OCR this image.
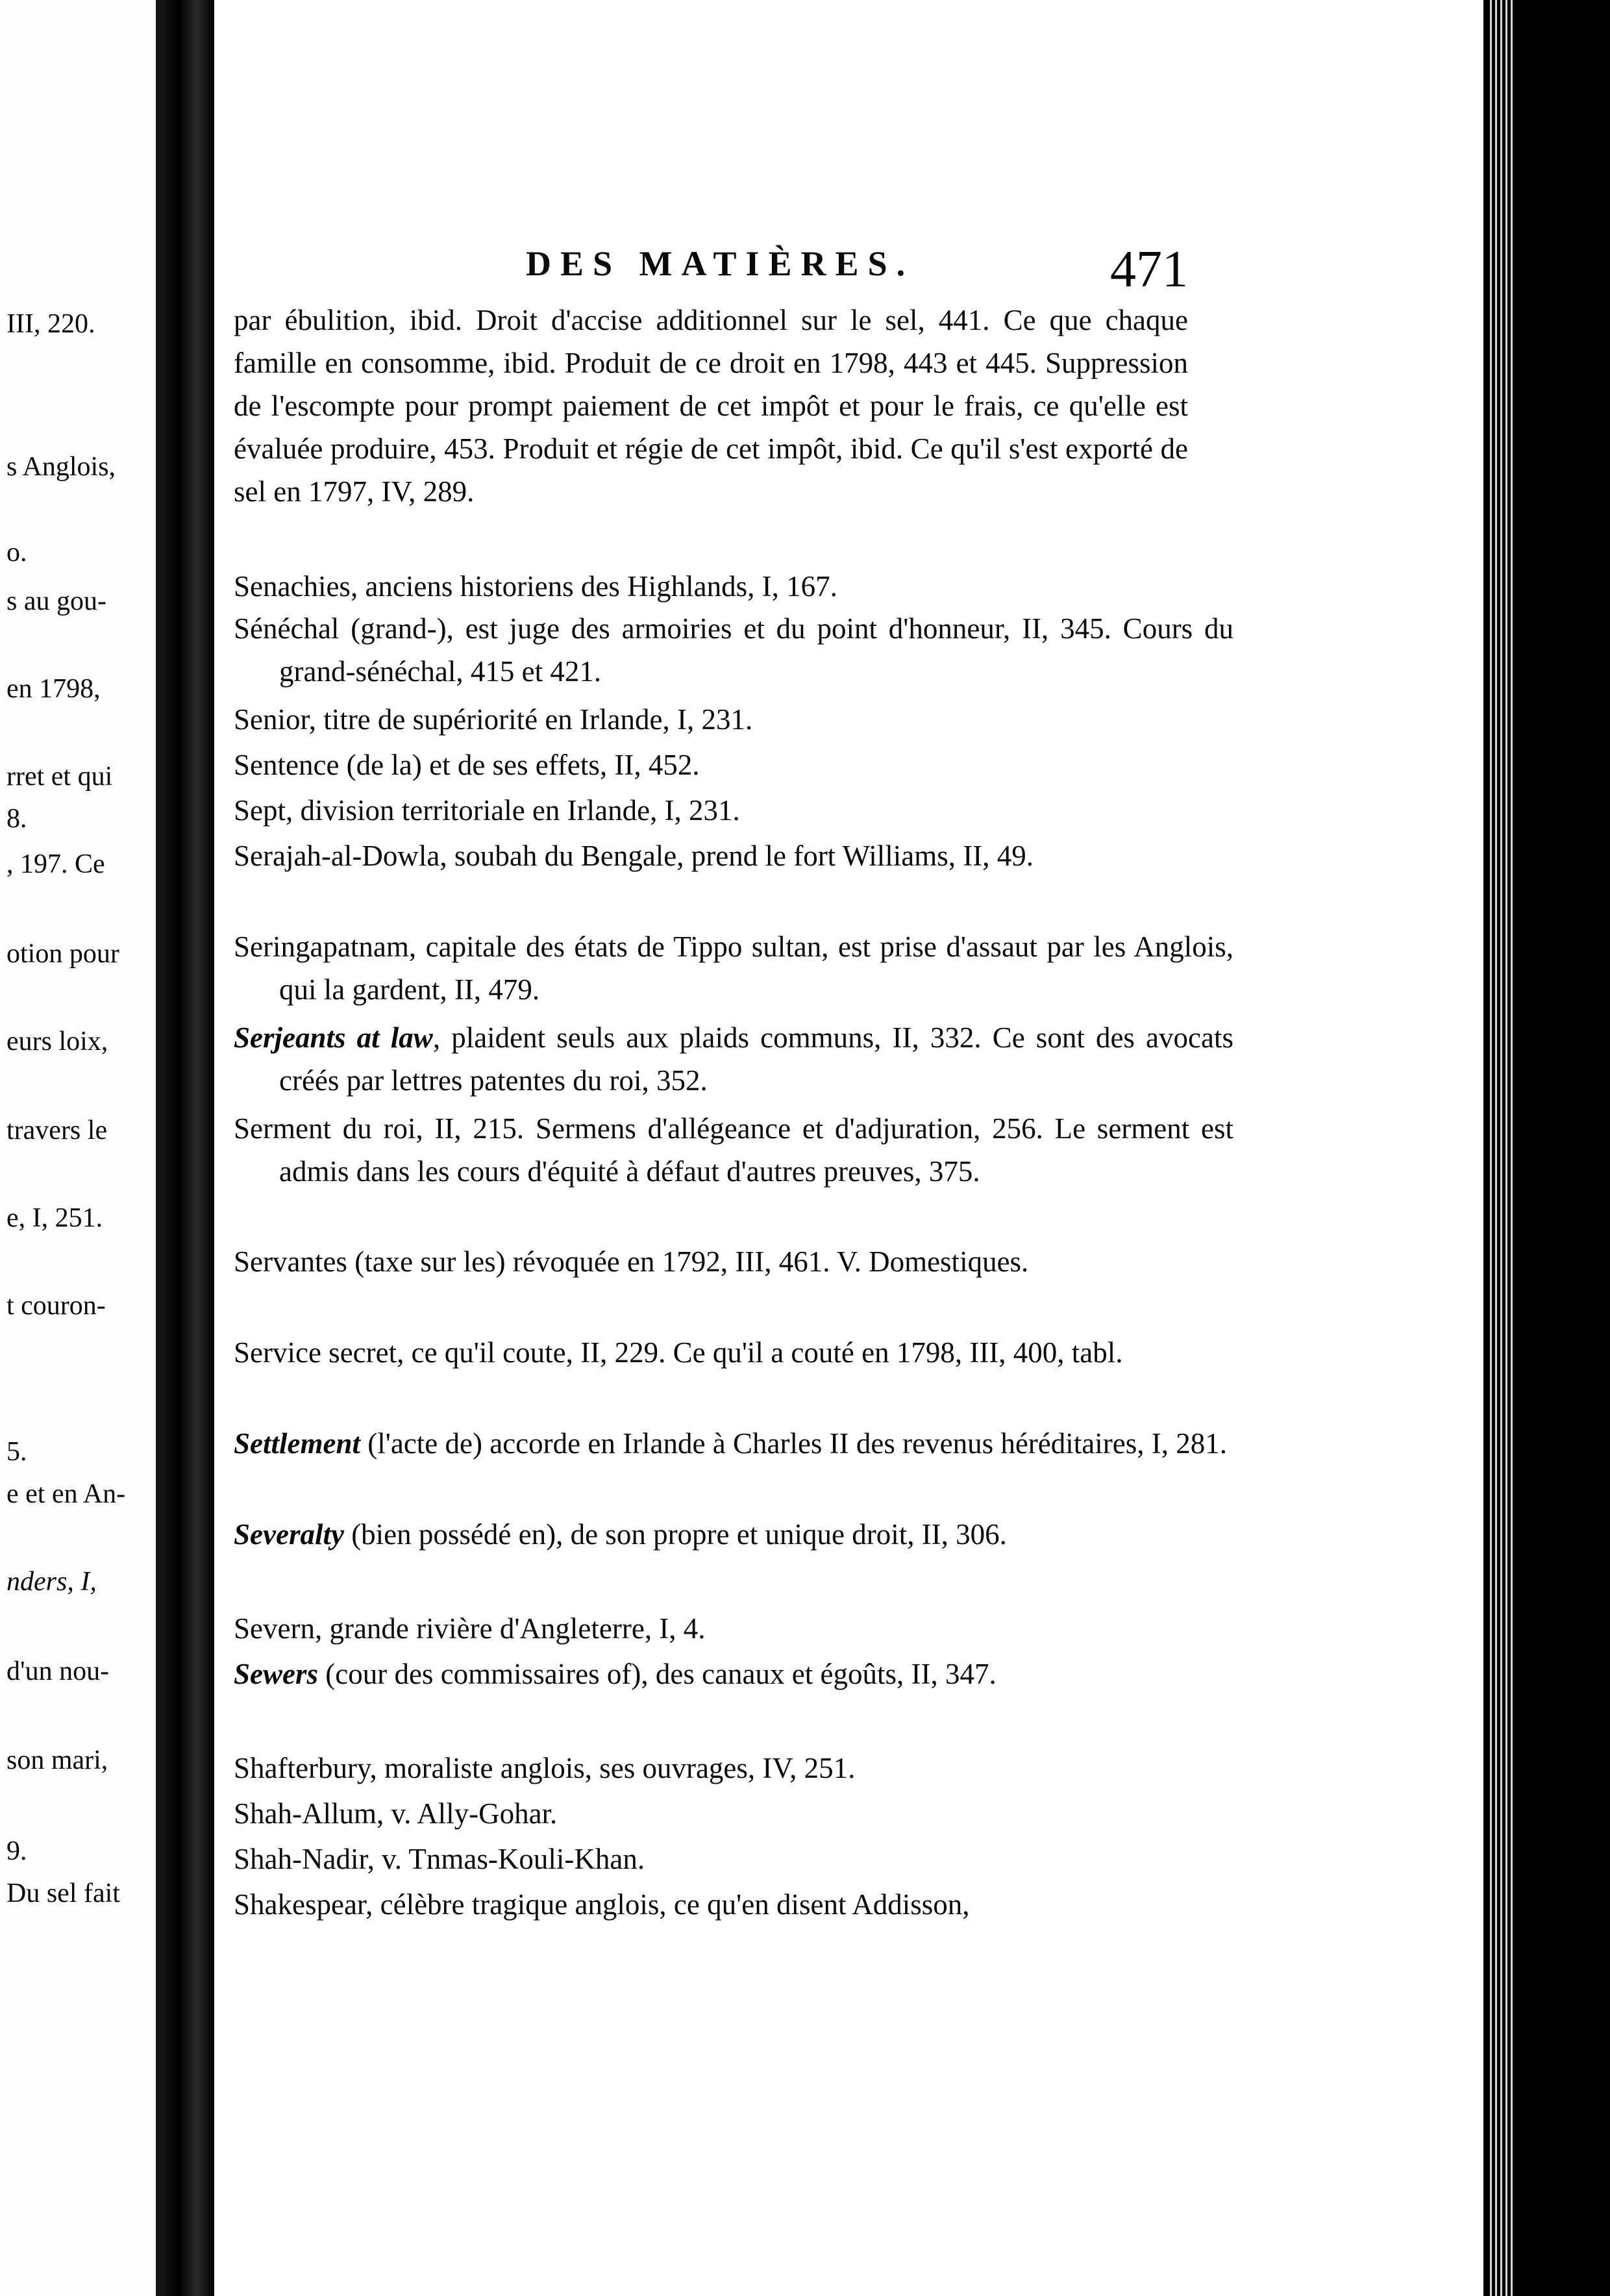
III, 220.
s Anglois,
o.
s au gou-
en 1798,
rret et qui
8.
, 197. Ce
otion pour
eurs loix,
travers le
e, I, 251.
t couron-
5.
e et en An-
nders, I,
d'un nou-
son mari,
9.
Du sel fait
DES MATIÈRES.	471
par ébulition, ibid. Droit d'accise additionnel sur le sel, 441. Ce que chaque famille en consomme, ibid. Produit de ce droit en 1798, 443 et 445. Suppression de l'escompte pour prompt paiement de cet impôt et pour le frais, ce qu'elle est évaluée produire, 453. Produit et régie de cet impôt, ibid. Ce qu'il s'est exporté de sel en 1797, IV, 289.
Senachies, anciens historiens des Highlands, I, 167.
Sénéchal (grand-), est juge des armoiries et du point d'honneur, II, 345. Cours du grand-sénéchal, 415 et 421.
Senior, titre de supériorité en Irlande, I, 231.
Sentence (de la) et de ses effets, II, 452.
Sept, division territoriale en Irlande, I, 231.
Serajah-al-Dowla, soubah du Bengale, prend le fort Williams, II, 49.
Seringapatnam, capitale des états de Tippo sultan, est prise d'assaut par les Anglois, qui la gardent, II, 479.
Serjeants at law, plaident seuls aux plaids communs, II, 332. Ce sont des avocats créés par lettres patentes du roi, 352.
Serment du roi, II, 215. Sermens d'allégeance et d'adjuration, 256. Le serment est admis dans les cours d'équité à défaut d'autres preuves, 375.
Servantes (taxe sur les) révoquée en 1792, III, 461. V. Domestiques.
Service secret, ce qu'il coute, II, 229. Ce qu'il a couté en 1798, III, 400, tabl.
Settlement (l'acte de) accorde en Irlande à Charles II des revenus héréditaires, I, 281.
Severalty (bien possédé en), de son propre et unique droit, II, 306.
Severn, grande rivière d'Angleterre, I, 4.
Sewers (cour des commissaires of), des canaux et égoûts, II, 347.
Shafterbury, moraliste anglois, ses ouvrages, IV, 251.
Shah-Allum, v. Ally-Gohar.
Shah-Nadir, v. Tnmas-Kouli-Khan.
Shakespear, célèbre tragique anglois, ce qu'en disent Addisson,
